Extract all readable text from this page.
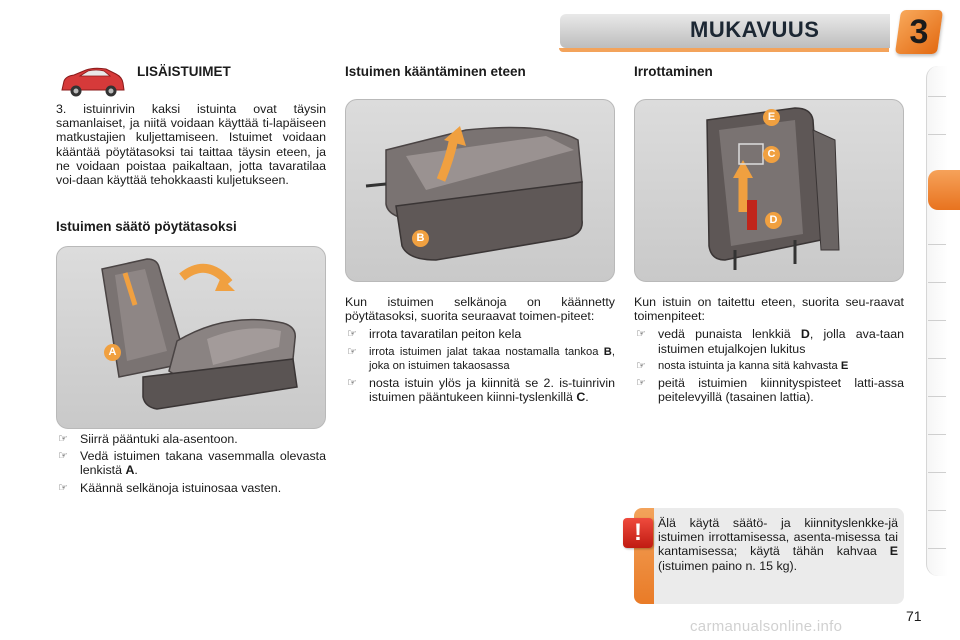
MUKAVUUS	3
LISÄISTUIMET

3. istuinrivin kaksi istuinta ovat täysin samanlaiset, ja niitä voidaan käyttää ti-lapäiseen matkustajien kuljettamiseen. Istuimet voidaan kääntää pöytätasoksi tai taittaa täysin eteen, ja ne voidaan poistaa paikaltaan, jotta tavaratilaa voi-daan käyttää tehokkaasti kuljetukseen.

Istuimen säätö pöytätasoksi
A
☞ Siirrä pääntuki ala-asentoon.
☞ Vedä istuimen takana vasemmalla olevasta lenkistä A.
☞ Käännä selkänoja istuinosaa vasten.
Istuimen kääntäminen eteen
B

Kun istuimen selkänoja on käännetty pöytätasoksi, suorita seuraavat toimen-piteet:

☞ irrota tavaratilan peiton kela
☞ irrota istuimen jalat takaa nostamalla tankoa B, joka on istuimen takaosassa
☞ nosta istuin ylös ja kiinnitä se 2. is-tuinrivin istuimen pääntukeen kiinni-tyslenkillä C.
Irrottaminen
E
C
D

Kun istuin on taitettu eteen, suorita seu-raavat toimenpiteet:

☞ vedä punaista lenkkiä D, jolla ava-taan istuimen etujalkojen lukitus
☞ nosta istuinta ja kanna sitä kahvasta E
☞ peitä istuimien kiinnityspisteet latti-assa peitelevyillä (tasainen lattia).
!	Älä käytä säätö- ja kiinnityslenkke-jä istuimen irrottamisessa, asenta-misessa tai kantamisessa; käytä tähän kahvaa E (istuimen paino n. 15 kg).

71
carmanualsonline.info
